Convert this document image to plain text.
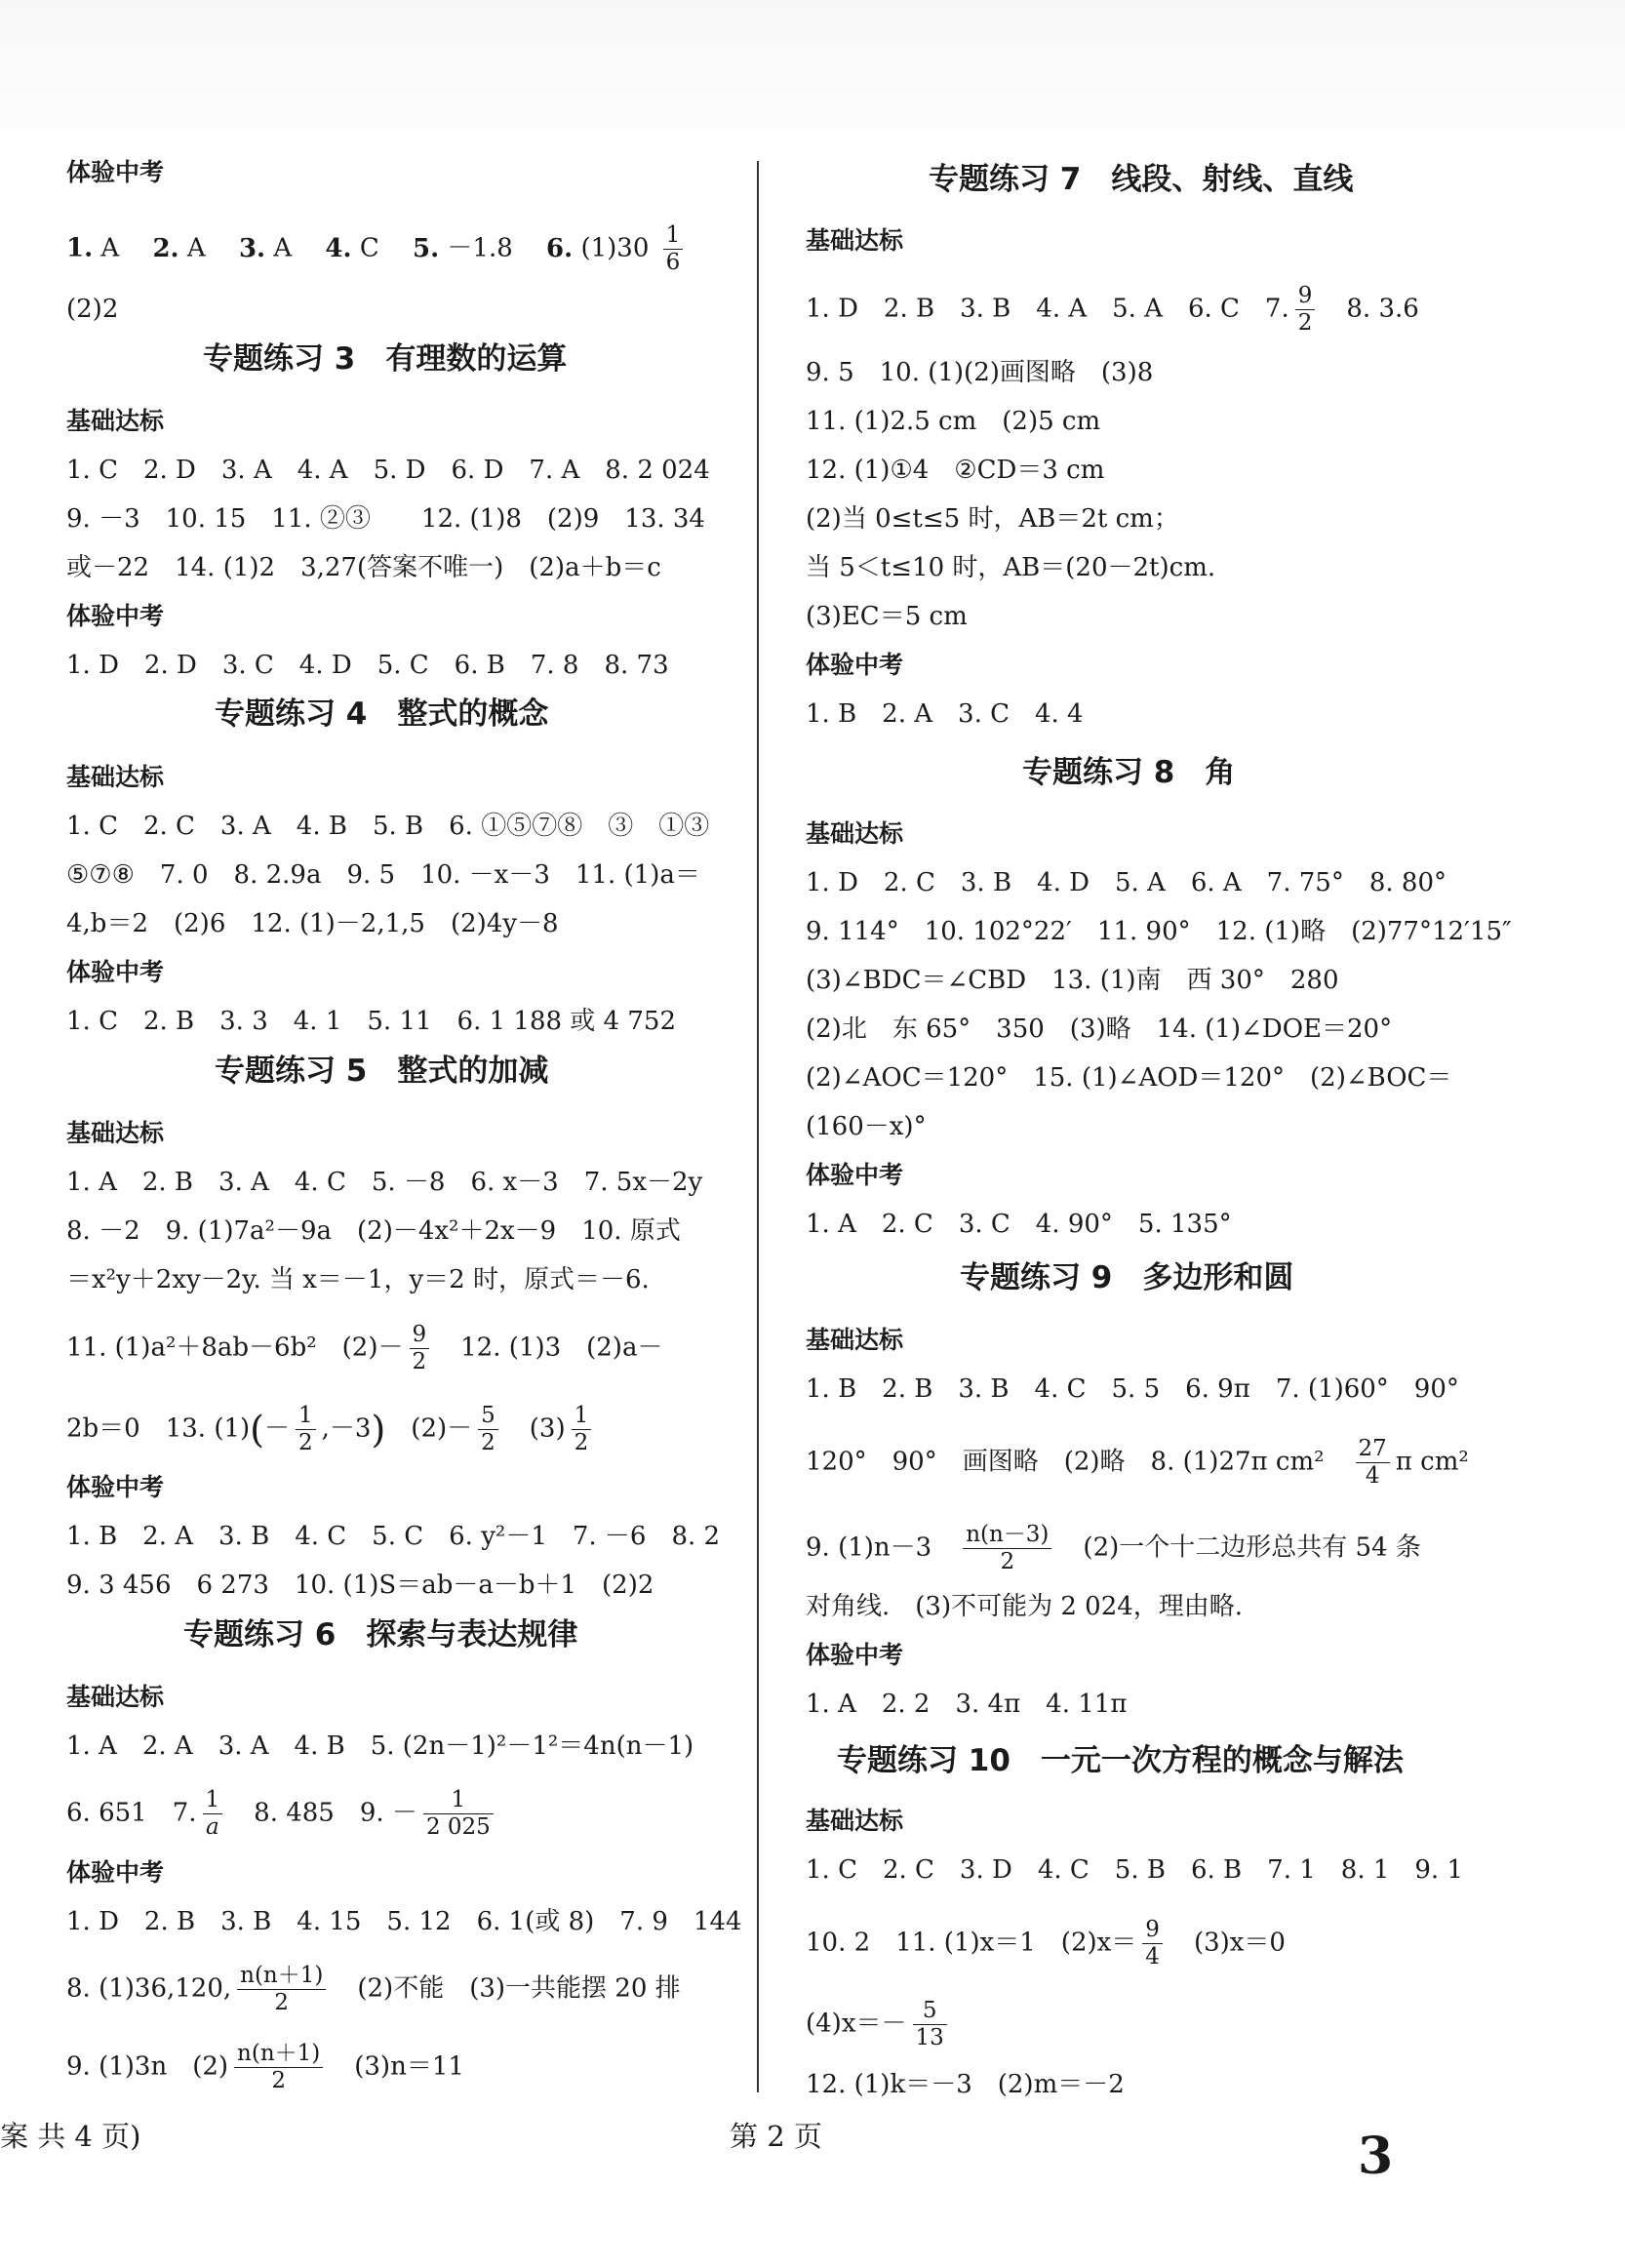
体验中考
1. A 2. A 3. A 4. C 5. －1.8 6. $(1)30 \frac{1}{6}$
(2)2
专题练习 3　有理数的运算
基础达标
1. C　2. D　3. A　4. A　5. D　6. D　7. A　8. 2 024
9. －3　10. 15　11. ②③　　12. (1)8　(2)9　13. 34
或－22　14. (1)2　3,27(答案不唯一)　(2)a＋b＝c
体验中考
1. D　2. D　3. C　4. D　5. C　6. B　7. 8　8. 73
专题练习 4　整式的概念
基础达标
1. C　2. C　3. A　4. B　5. B　6. ①⑤⑦⑧　③　①③
⑤⑦⑧　7. 0　8. 2.9a　9. 5　10. －x－3　11. (1)a＝
4,b＝2　(2)6　12. (1)－2,1,5　(2)4y－8
体验中考
1. C　2. B　3. 3　4. 1　5. 11　6. 1 188 或 4 752
专题练习 5　整式的加减
基础达标
1. A　2. B　3. A　4. C　5. －8　6. x－3　7. 5x－2y
8. －2　9. (1)7a²－9a　(2)－4x²＋2x－9　10. 原式
＝x²y＋2xy－2y. 当 x＝－1，y＝2 时，原式＝－6.
11. (1)a²＋8ab－6b²　$(2)- \frac{9}{2}$ 　12. (1)3　(2)a－
2b＝0　13. $(1)(- \frac{1}{2} ,-3)$　$(2)- \frac{5}{2}$ 　$(3) \frac{1}{2}$
体验中考
1. B　2. A　3. B　4. C　5. C　6. y²－1　7. －6　8. 2
9. 3 456　6 273　10. (1)S＝ab－a－b＋1　(2)2
专题练习 6　探索与表达规律
基础达标
1. A　2. A　3. A　4. B　5. (2n－1)²－1²＝4n(n－1)
6. 651　7. $\frac{1}{a}$ 　8. 485　9. － $\frac{1}{2 025}$
体验中考
1. D　2. B　3. B　4. 15　5. 12　6. 1(或 8)　7. 9　144
8. (1)36,120, $\frac{n(n+1)}{2}$ 　(2)不能　(3)一共能摆 20 排
9. (1)3n　$(2) \frac{n(n+1)}{2}$ 　(3)n＝11
专题练习 7　线段、射线、直线
基础达标
1. D　2. B　3. B　4. A　5. A　6. C　7. $\frac{9}{2}$ 　8. 3.6
9. 5　10. (1)(2)画图略　(3)8
11. (1)2.5 cm　(2)5 cm
12. (1)①4　②CD＝3 cm
(2)当 0≤t≤5 时，AB＝2t cm；
当 5＜t≤10 时，AB＝(20－2t)cm.
(3)EC＝5 cm
体验中考
1. B　2. A　3. C　4. 4
专题练习 8　角
基础达标
1. D　2. C　3. B　4. D　5. A　6. A　7. 75°　8. 80°
9. 114°　10. 102°22′　11. 90°　12. (1)略　(2)77°12′15″
(3)∠BDC＝∠CBD　13. (1)南　西 30°　280
(2)北　东 65°　350　(3)略　14. (1)∠DOE＝20°
(2)∠AOC＝120°　15. (1)∠AOD＝120°　(2)∠BOC＝
(160－x)°
体验中考
1. A　2. C　3. C　4. 90°　5. 135°
专题练习 9　多边形和圆
基础达标
1. B　2. B　3. B　4. C　5. 5　6. 9π　7. (1)60°　90°
120°　90°　画图略　(2)略　8. (1)27π cm²　 $\frac{27}{4}$ π cm²
9. (1)n－3　 $\frac{n(n-3)}{2}$ 　(2)一个十二边形总共有 54 条
对角线.　(3)不可能为 2 024，理由略.
体验中考
1. A　2. 2　3. 4π　4. 11π
专题练习 10　一元一次方程的概念与解法
基础达标
1. C　2. C　3. D　4. C　5. B　6. B　7. 1　8. 1　9. 1
10. 2　11. (1)x＝1　$(2)x= \frac{9}{4}$ 　(3)x＝0
$(4)x=- \frac{5}{13}$
12. (1)k＝－3　(2)m＝－2
案 共 4 页)	第 2 页	3
